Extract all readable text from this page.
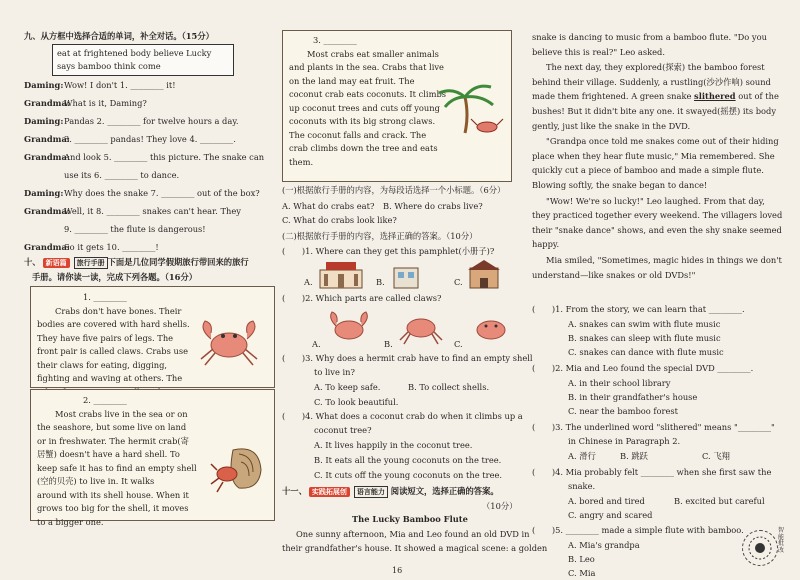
九、从方框中选择合适的单词，补全对话。（15分）
eat at frightened body believe Lucky says bamboo think come
Daming:Wow! I don't 1. ________ it!
Grandma:What is it, Daming?
Daming:Pandas 2. ________ for twelve hours a day.
Grandma:3. ________ pandas! They love 4. ________.
Grandma:And look 5. ________ this picture. The snake can
use its 6. ________ to dance.
Daming:Why does the snake 7. ________ out of the box?
Grandma:Well, it 8. ________ snakes can't hear. They
9. ________ the flute is dangerous!
Grandma:So it gets 10. ________!
十、 新语篇 旅行手册 下面是几位同学假期旅行带回来的旅行
手册。请你读一读，完成下列各题。（16分）
1. ________
Crabs don't have bones. Their
bodies are covered with hard shells.
They have five pairs of legs. The
front pair is called claws. Crabs use
their claws for eating, digging,
fighting and waving at others. The
2. ________
Most crabs live in the sea or on
the seashore, but some live on land
or in freshwater. The hermit crab(寄
居蟹) doesn't have a hard shell. To
keep safe it has to find an empty shell
(空的贝壳) to live in. It walks
around with its shell house. When it
grows too big for the shell, it moves
to a bigger one.
3. ________
Most crabs eat smaller animals
and plants in the sea. Crabs that live
on the land may eat fruit. The
coconut crab eats coconuts. It climbs
up coconut trees and cuts off young
coconuts with its big strong claws.
The coconut falls and crack. The
crab climbs down the tree and eats
them.
(一)根据旅行手册的内容，为每段话选择一个小标题。（6分）
A. What do crabs eat? B. Where do crabs live?
C. What do crabs look like?
(二)根据旅行手册的内容，选择正确的答案。（10分）
(　　)1. Where can they get this pamphlet(小册子)?
A.	B.	C.
(　　)2. Which parts are called claws?
A.	B.	C.
(　　)3. Why does a hermit crab have to find an empty shell
to live in?
A. To keep safe.	B. To collect shells.
C. To look beautiful.
(　　)4. What does a coconut crab do when it climbs up a
coconut tree?
A. It lives happily in the coconut tree.
B. It eats all the young coconuts on the tree.
C. It cuts off the young coconuts on the tree.
十一、 实践拓展创 语言能力 阅读短文，选择正确的答案。
（10分）
The Lucky Bamboo Flute
One sunny afternoon, Mia and Leo found an old DVD in
their grandfather's house. It showed a magical scene: a golden
snake is dancing to music from a bamboo flute. "Do you
believe this is real?" Leo asked.
The next day, they explored(探索) the bamboo forest
behind their village. Suddenly, a rustling(沙沙作响) sound
made them frightened. A green snake slithered out of the
bushes! But it didn't bite any one. it swayed(摇摆) its body
gently, just like the snake in the DVD.
"Grandpa once told me snakes come out of their hiding
place when they hear flute music," Mia remembered. She
quickly cut a piece of bamboo and made a simple flute.
Blowing softly, the snake began to dance!
"Wow! We're so lucky!" Leo laughed. From that day,
they practiced together every weekend. The villagers loved
their "snake dance" shows, and even the shy snake seemed
happy.
Mia smiled, "Sometimes, magic hides in things we don't
understand—like snakes or old DVDs!"
(　　)1. From the story, we can learn that ________.
A. snakes can swim with flute music
B. snakes can sleep with flute music
C. snakes can dance with flute music
(　　)2. Mia and Leo found the special DVD ________.
A. in their school library
B. in their grandfather's house
C. near the bamboo forest
(　　)3. The underlined word "slithered" means "________"
in Chinese in Paragraph 2.
A. 滑行	B. 跳跃	C. 飞翔
(　　)4. Mia probably felt ________ when she first saw the
snake.
A. bored and tired	B. excited but careful
C. angry and scared
(　　)5. ________ made a simple flute with bamboo.
A. Mia's grandpa
B. Leo
C. Mia
智能批改
16
